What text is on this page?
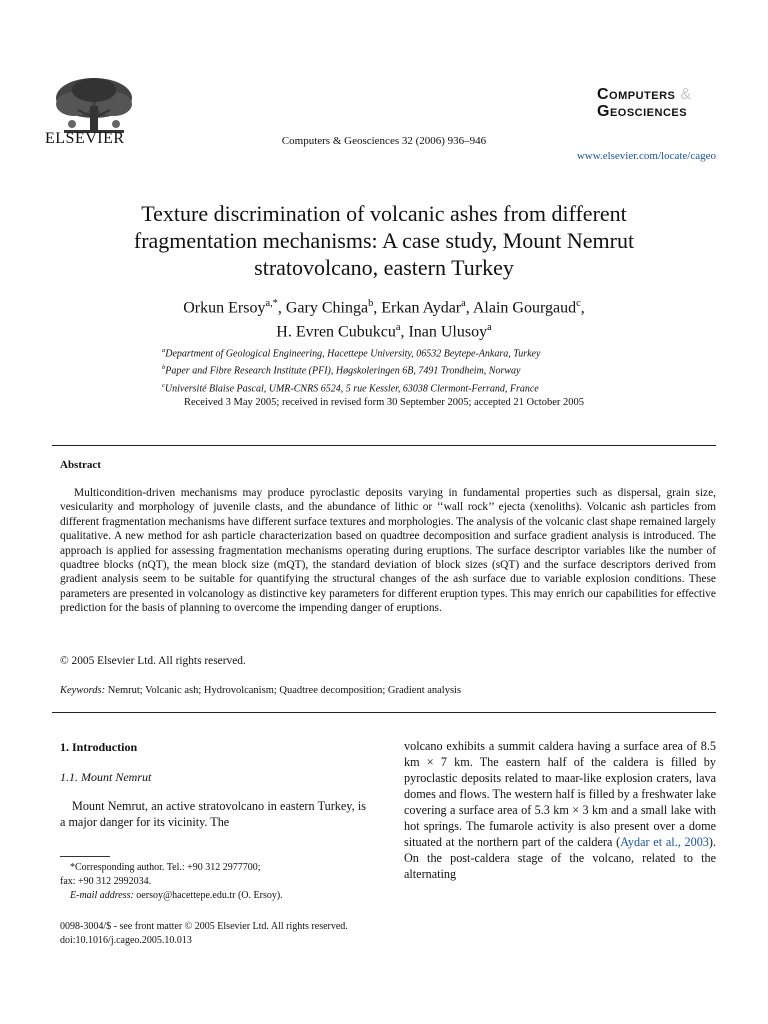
ELSEVIER	Computers & Geosciences 32 (2006) 936–946
Computers &
Geosciences
www.elsevier.com/locate/cageo
Texture discrimination of volcanic ashes from different
fragmentation mechanisms: A case study, Mount Nemrut
stratovolcano, eastern Turkey
Orkun Ersoy$^{a,*}$, Gary Chinga$^b$, Erkan Aydar$^a$, Alain Gourgaud$^c$,
H. Evren Cubukcu$^a$, Inan Ulusoy$^a$
$^a$Department of Geological Engineering, Hacettepe University, 06532 Beytepe-Ankara, Turkey
$^b$Paper and Fibre Research Institute (PFI), Høgskoleringen 6B, 7491 Trondheim, Norway
$^c$Université Blaise Pascal, UMR-CNRS 6524, 5 rue Kessler, 63038 Clermont-Ferrand, France
Received 3 May 2005; received in revised form 30 September 2005; accepted 21 October 2005
Abstract
Multicondition-driven mechanisms may produce pyroclastic deposits varying in fundamental properties such as dispersal, grain size, vesicularity and morphology of juvenile clasts, and the abundance of lithic or ‘‘wall rock’’ ejecta (xenoliths). Volcanic ash particles from different fragmentation mechanisms have different surface textures and morphologies. The analysis of the volcanic clast shape remained largely qualitative. A new method for ash particle characterization based on quadtree decomposition and surface gradient analysis is introduced. The approach is applied for assessing fragmentation mechanisms operating during eruptions. The surface descriptor variables like the number of quadtree blocks (nQT), the mean block size (mQT), the standard deviation of block sizes (sQT) and the surface descriptors derived from gradient analysis seem to be suitable for quantifying the structural changes of the ash surface due to variable explosion conditions. These parameters are presented in volcanology as distinctive key parameters for different eruption types. This may enrich our capabilities for effective prediction for the basis of planning to overcome the impending danger of eruptions.
© 2005 Elsevier Ltd. All rights reserved.
Keywords: Nemrut; Volcanic ash; Hydrovolcanism; Quadtree decomposition; Gradient analysis
1. Introduction
1.1. Mount Nemrut
Mount Nemrut, an active stratovolcano in eastern Turkey, is a major danger for its vicinity. The
*Corresponding author. Tel.: +90 312 2977700;
fax: +90 312 2992034.
E-mail address: oersoy@hacettepe.edu.tr (O. Ersoy).
volcano exhibits a summit caldera having a surface area of 8.5 km × 7 km. The eastern half of the caldera is filled by pyroclastic deposits related to maar-like explosion craters, lava domes and flows. The western half is filled by a freshwater lake covering a surface area of 5.3 km × 3 km and a small lake with hot springs. The fumarole activity is also present over a dome situated at the northern part of the caldera (Aydar et al., 2003). On the post-caldera stage of the volcano, related to the alternating
0098-3004/$ - see front matter © 2005 Elsevier Ltd. All rights reserved.
doi:10.1016/j.cageo.2005.10.013
